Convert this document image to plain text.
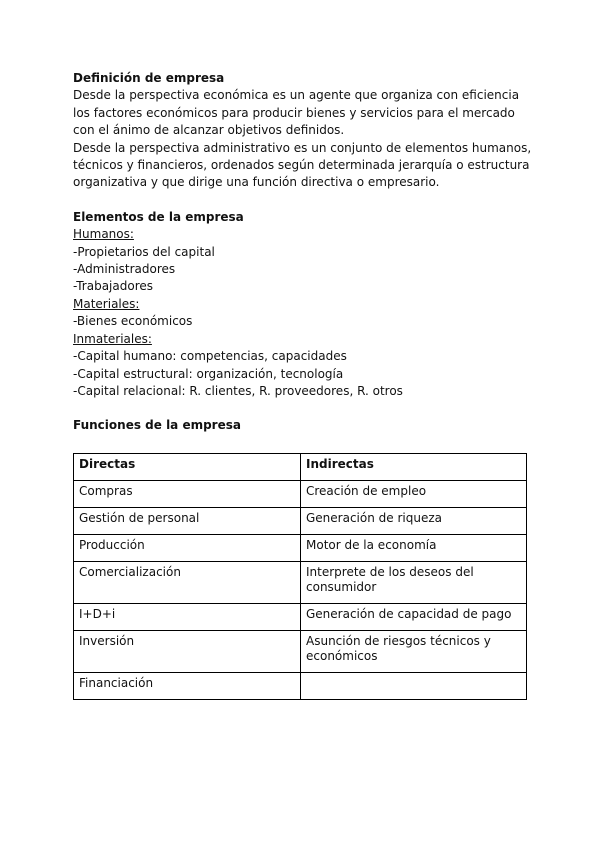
Definición de empresa

Desde la perspectiva económica es un agente que organiza con eficiencia los factores económicos para producir bienes y servicios para el mercado con el ánimo de alcanzar objetivos definidos.

Desde la perspectiva administrativo es un conjunto de elementos humanos, técnicos y financieros, ordenados según determinada jerarquía o estructura organizativa y que dirige una función directiva o empresario.

Elementos de la empresa

Humanos:

-Propietarios del capital

-Administradores

-Trabajadores

Materiales:

-Bienes económicos

Inmateriales:

-Capital humano: competencias, capacidades

-Capital estructural: organización, tecnología

-Capital relacional: R. clientes, R. proveedores, R. otros

Funciones de la empresa

Directas	Indirectas
Compras	Creación de empleo
Gestión de personal	Generación de riqueza
Producción	Motor de la economía
Comercialización	Interprete de los deseos del consumidor
I+D+i	Generación de capacidad de pago
Inversión	Asunción de riesgos técnicos y económicos
Financiación	
